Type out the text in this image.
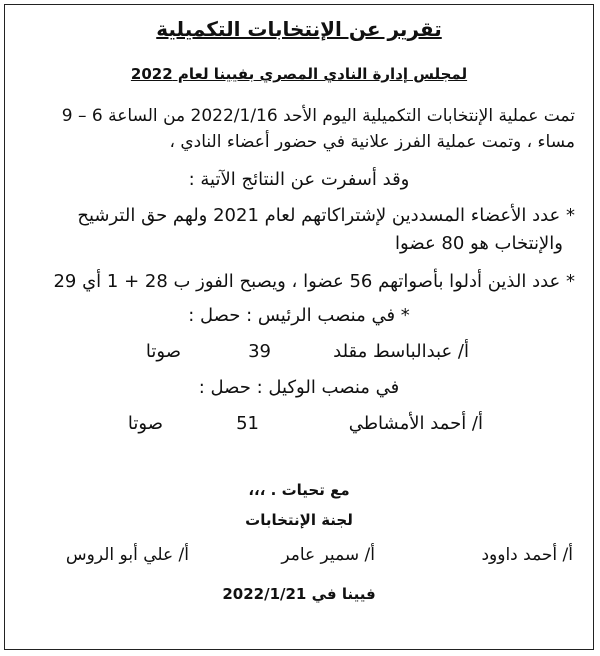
تقرير عن الإنتخابات التكميلية
لمجلس إدارة النادي المصري بفيينا لعام 2022
تمت عملية الإنتخابات التكميلية اليوم الأحد 2022/1/16 من الساعة 6 – 9
مساء ، وتمت عملية الفرز علانية في حضور أعضاء النادي ،
وقد أسفرت عن النتائج الآتية :
* عدد الأعضاء المسددين لإشتراكاتهم لعام 2021 ولهم حق الترشيح
والإنتخاب هو 80 عضوا
* عدد الذين أدلوا بأصواتهم 56 عضوا ، ويصبح الفوز ب 28 + 1 أي 29
* في منصب الرئيس : حصل :
أ/ عبدالباسط مقلد
39
صوتا
في منصب الوكيل : حصل :
أ/ أحمد الأمشاطي
51
صوتا
مع تحيات . ،،،
لجنة الإنتخابات
أ/ أحمد داوود
أ/ سمير عامر
أ/ علي أبو الروس
فيينا في 2022/1/21
